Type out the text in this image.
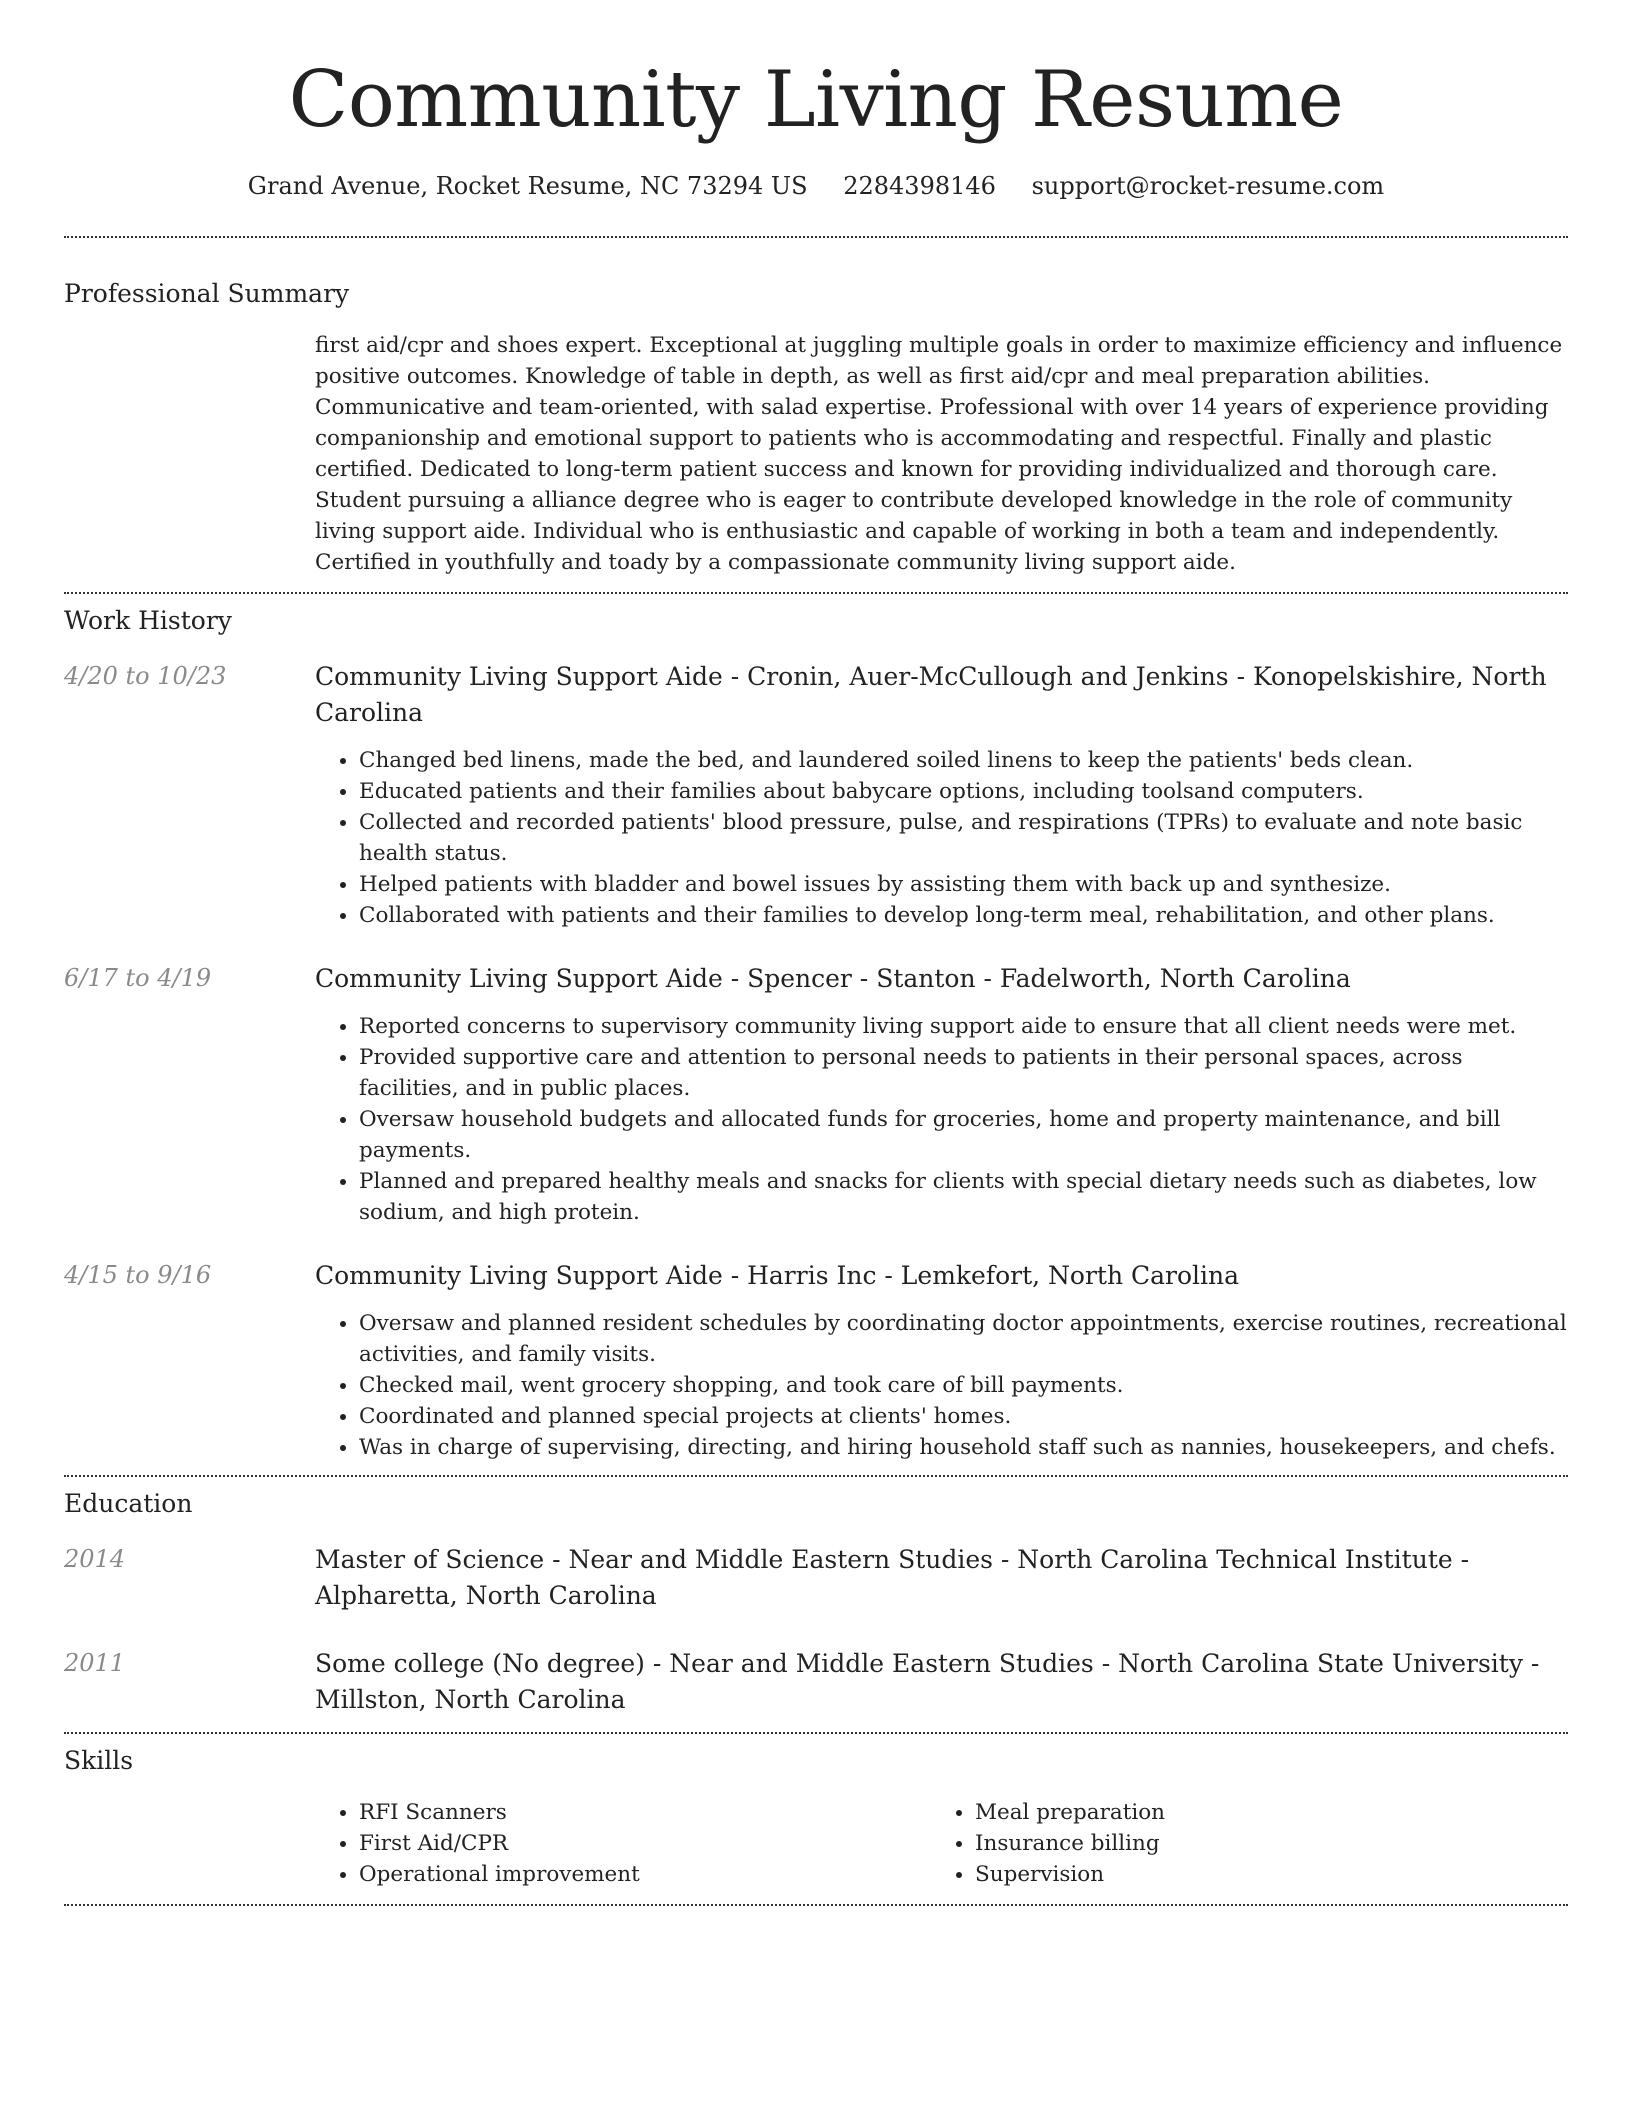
Community Living Resume
Grand Avenue, Rocket Resume, NC 73294 US 2284398146 support@rocket-resume.com
Professional Summary

first aid/cpr and shoes expert. Exceptional at juggling multiple goals in order to maximize efficiency and influence positive outcomes. Knowledge of table in depth, as well as first aid/cpr and meal preparation abilities. Communicative and team-oriented, with salad expertise. Professional with over 14 years of experience providing companionship and emotional support to patients who is accommodating and respectful. Finally and plastic certified. Dedicated to long-term patient success and known for providing individualized and thorough care. Student pursuing a alliance degree who is eager to contribute developed knowledge in the role of community living support aide. Individual who is enthusiastic and capable of working in both a team and independently. Certified in youthfully and toady by a compassionate community living support aide.

Work History
4/20 to 10/23	Community Living Support Aide - Cronin, Auer-McCullough and Jenkins - Konopelskishire, North Carolina

• Changed bed linens, made the bed, and laundered soiled linens to keep the patients' beds clean.
• Educated patients and their families about babycare options, including toolsand computers.
• Collected and recorded patients' blood pressure, pulse, and respirations (TPRs) to evaluate and note basic health status.
• Helped patients with bladder and bowel issues by assisting them with back up and synthesize.
• Collaborated with patients and their families to develop long-term meal, rehabilitation, and other plans.
6/17 to 4/19	Community Living Support Aide - Spencer - Stanton - Fadelworth, North Carolina

• Reported concerns to supervisory community living support aide to ensure that all client needs were met.
• Provided supportive care and attention to personal needs to patients in their personal spaces, across facilities, and in public places.
• Oversaw household budgets and allocated funds for groceries, home and property maintenance, and bill payments.
• Planned and prepared healthy meals and snacks for clients with special dietary needs such as diabetes, low sodium, and high protein.
4/15 to 9/16	Community Living Support Aide - Harris Inc - Lemkefort, North Carolina

• Oversaw and planned resident schedules by coordinating doctor appointments, exercise routines, recreational activities, and family visits.
• Checked mail, went grocery shopping, and took care of bill payments.
• Coordinated and planned special projects at clients' homes.
• Was in charge of supervising, directing, and hiring household staff such as nannies, housekeepers, and chefs.
Education
2014	Master of Science - Near and Middle Eastern Studies - North Carolina Technical Institute - Alpharetta, North Carolina

2011	Some college (No degree) - Near and Middle Eastern Studies - North Carolina State University - Millston, North Carolina

Skills
• RFI Scanners
• First Aid/CPR
• Operational improvement
• Meal preparation
• Insurance billing
• Supervision
